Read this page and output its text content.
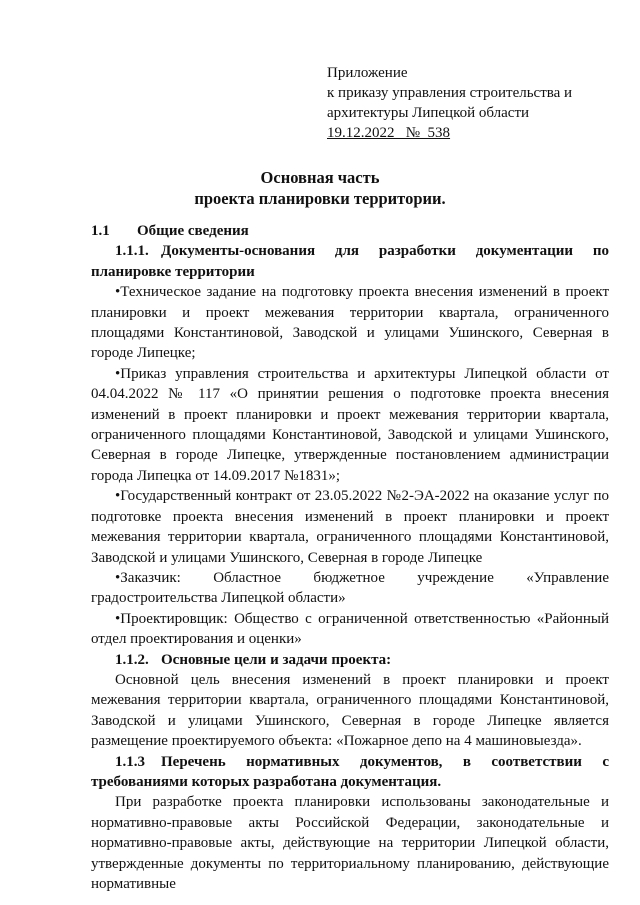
Приложение
к приказу управления строительства и
архитектуры Липецкой области
19.12.2022   №  538
Основная часть
проекта планировки территории.

1.1 Общие сведения

1.1.1. Документы-основания для разработки документации по планировке территории

•Техническое задание на подготовку проекта внесения изменений в проект планировки и проект межевания территории квартала, ограниченного площадями Константиновой, Заводской и улицами Ушинского, Северная в городе Липецке;

•Приказ управления строительства и архитектуры Липецкой области от 04.04.2022 № 117 «О принятии решения о подготовке проекта внесения изменений в проект планировки и проект межевания территории квартала, ограниченного площадями Константиновой, Заводской и улицами Ушинского, Северная в городе Липецке, утвержденные постановлением администрации города Липецка от 14.09.2017 №1831»;

•Государственный контракт от 23.05.2022 №2-ЭА-2022 на оказание услуг по подготовке проекта внесения изменений в проект планировки и проект межевания территории квартала, ограниченного площадями Константиновой, Заводской и улицами Ушинского, Северная в городе Липецке

•Заказчик: Областное бюджетное учреждение «Управление градостроительства Липецкой области»

•Проектировщик: Общество с ограниченной ответственностью «Районный отдел проектирования и оценки»

1.1.2. Основные цели и задачи проекта:

Основной цель внесения изменений в проект планировки и проект межевания территории квартала, ограниченного площадями Константиновой, Заводской и улицами Ушинского, Северная в городе Липецке является размещение проектируемого объекта: «Пожарное депо на 4 машиновыезда».

1.1.3 Перечень нормативных документов, в соответствии с требованиями которых разработана документация.

При разработке проекта планировки использованы законодательные и нормативно-правовые акты Российской Федерации, законодательные и нормативно-правовые акты, действующие на территории Липецкой области, утвержденные документы по территориальному планированию, действующие нормативные
